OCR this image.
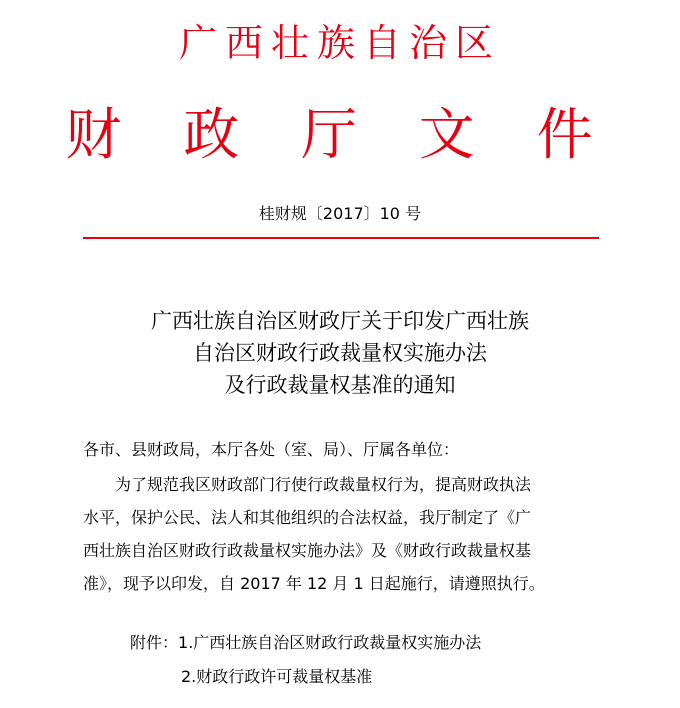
广西壮族自治区
财 政 厅 文 件
桂财规〔2017〕10 号
广西壮族自治区财政厅关于印发广西壮族
自治区财政行政裁量权实施办法
及行政裁量权基准的通知
各市、县财政局，本厅各处（室、局）、厅属各单位：
　　为了规范我区财政部门行使行政裁量权行为，提高财政执法
水平，保护公民、法人和其他组织的合法权益，我厅制定了《广
西壮族自治区财政行政裁量权实施办法》及《财政行政裁量权基
准》，现予以印发，自 2017 年 12 月 1 日起施行，请遵照执行。
附件：1.广西壮族自治区财政行政裁量权实施办法
2.财政行政许可裁量权基准
